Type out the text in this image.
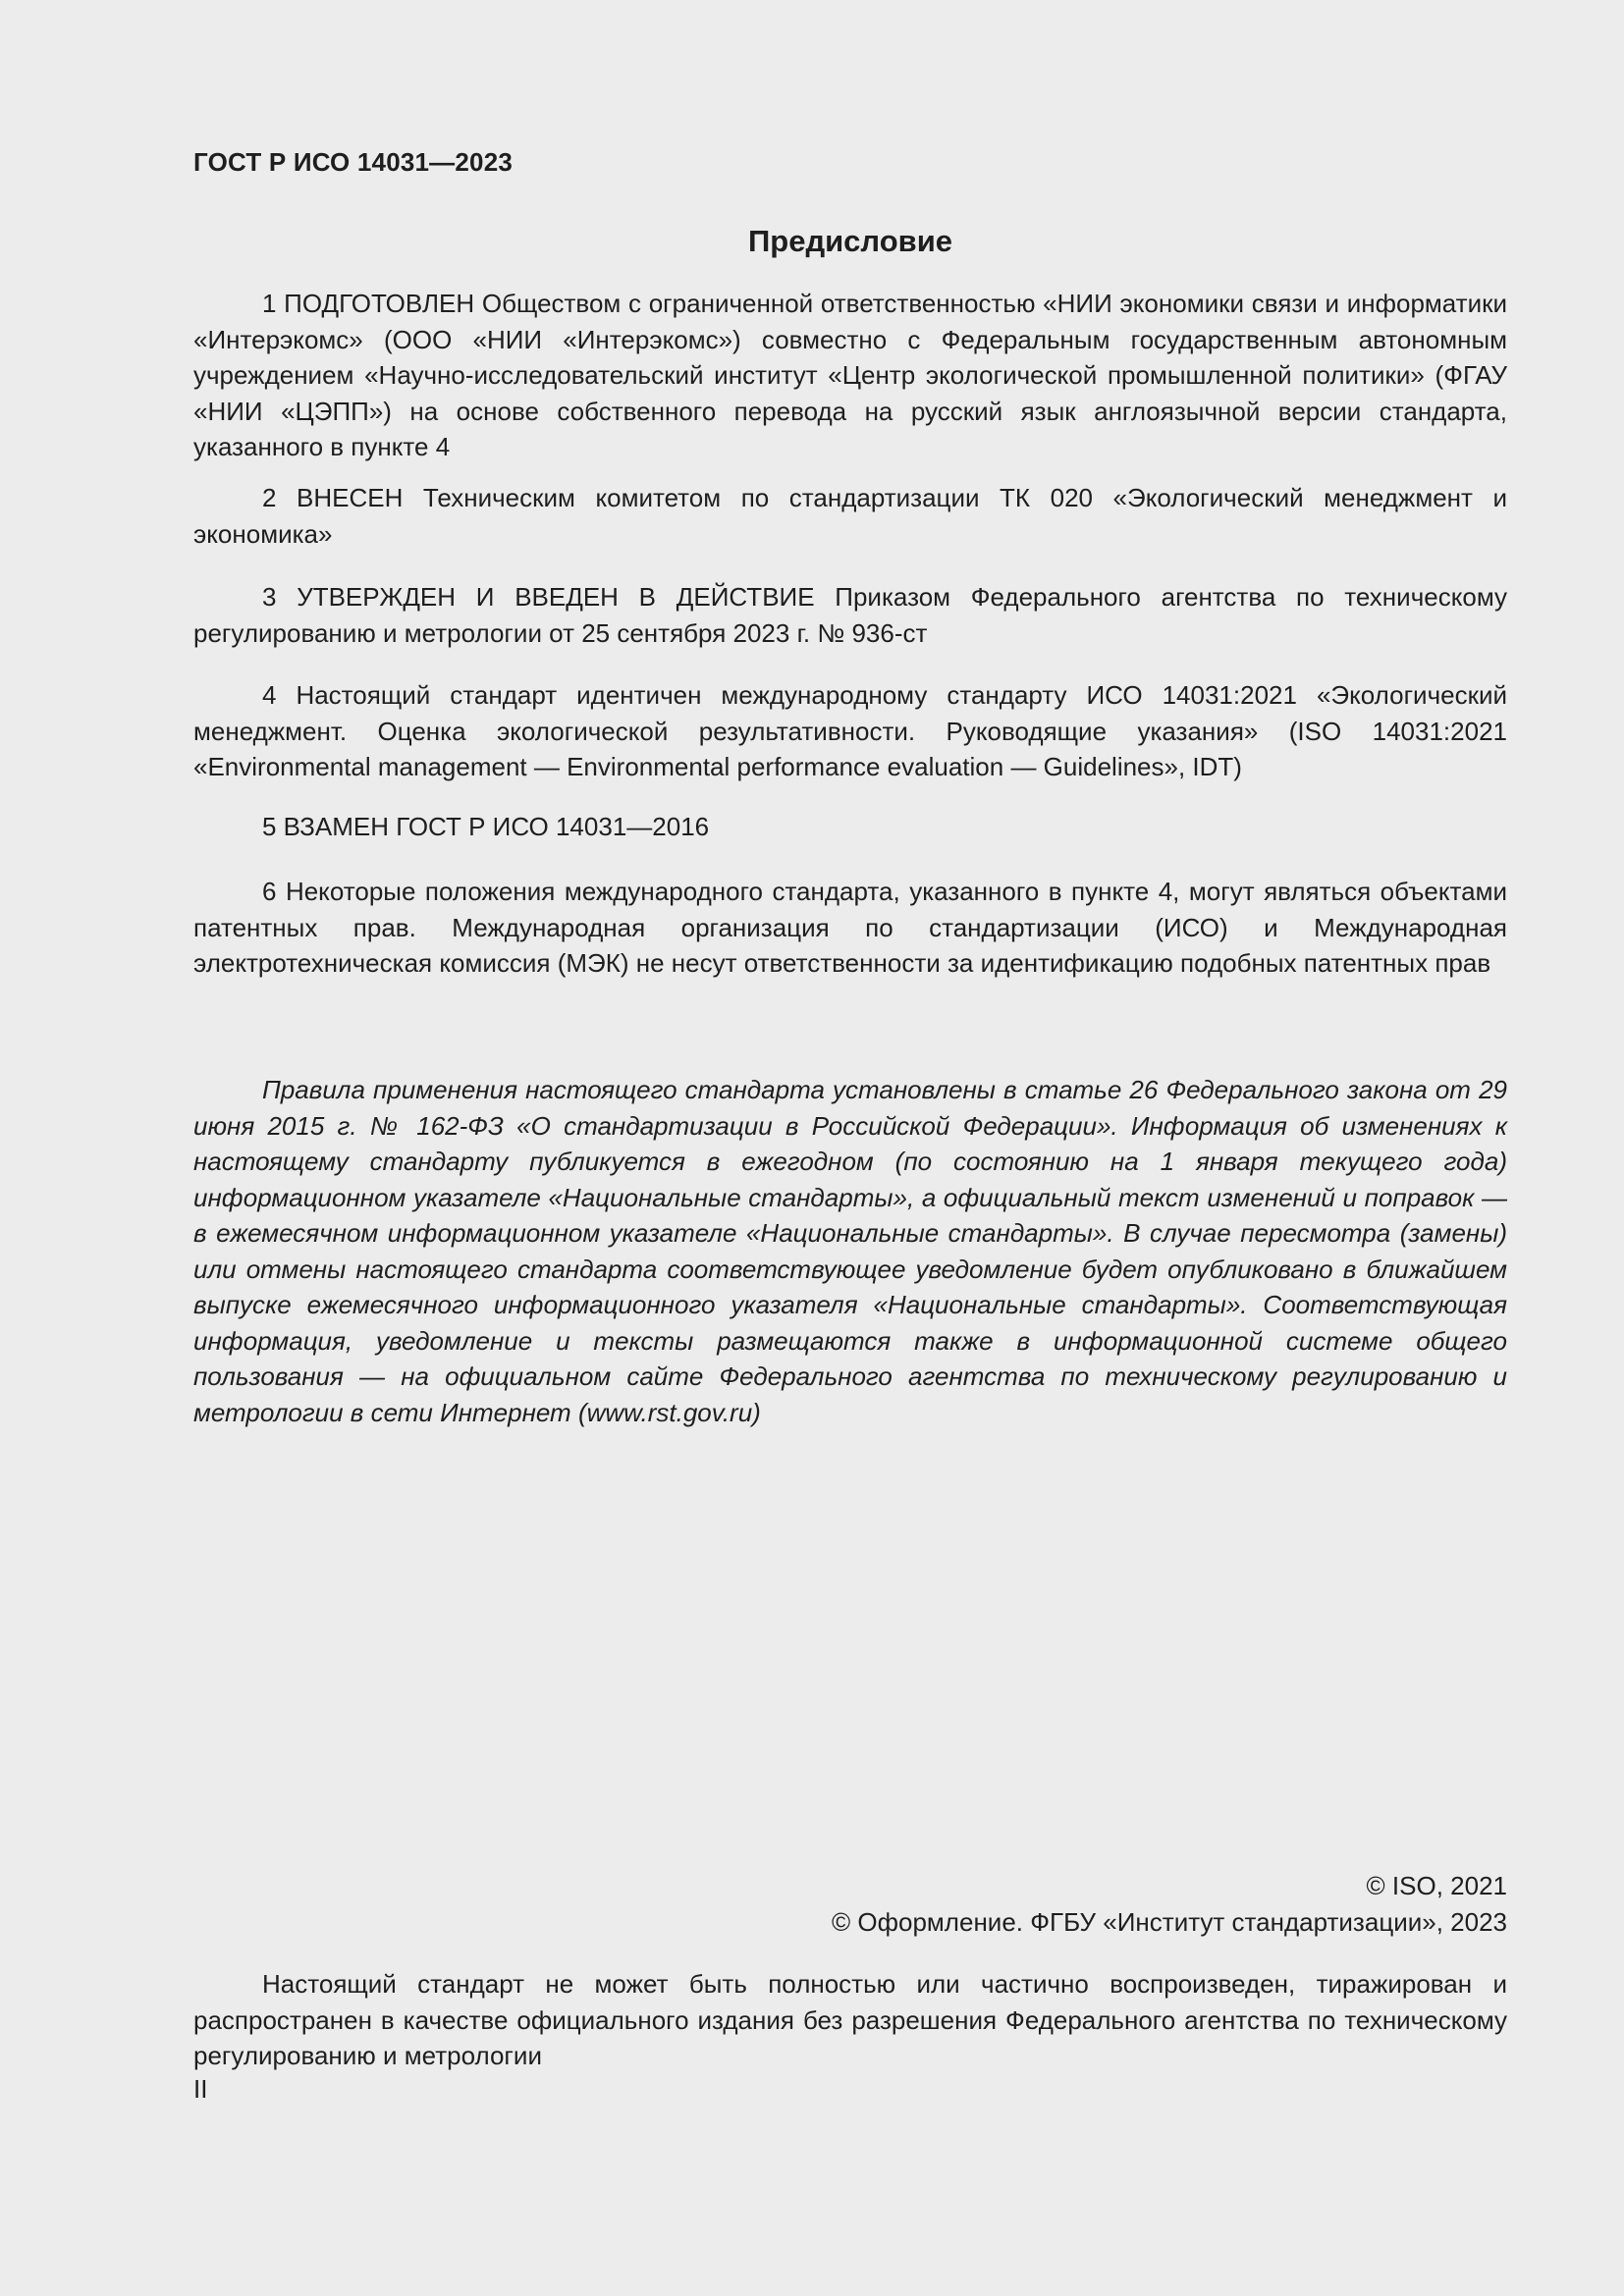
ГОСТ Р ИСО 14031—2023
Предисловие

1 ПОДГОТОВЛЕН Обществом с ограниченной ответственностью «НИИ экономики связи и информатики «Интерэкомс» (ООО «НИИ «Интерэкомс») совместно с Федеральным государственным автономным учреждением «Научно-исследовательский институт «Центр экологической промышленной политики» (ФГАУ «НИИ «ЦЭПП») на основе собственного перевода на русский язык англоязычной версии стандарта, указанного в пункте 4

2 ВНЕСЕН Техническим комитетом по стандартизации ТК 020 «Экологический менеджмент и экономика»

3 УТВЕРЖДЕН И ВВЕДЕН В ДЕЙСТВИЕ Приказом Федерального агентства по техническому регулированию и метрологии от 25 сентября 2023 г. № 936-ст

4 Настоящий стандарт идентичен международному стандарту ИСО 14031:2021 «Экологический менеджмент. Оценка экологической результативности. Руководящие указания» (ISO 14031:2021 «Environmental management — Environmental performance evaluation — Guidelines», IDT)

5 ВЗАМЕН ГОСТ Р ИСО 14031—2016

6 Некоторые положения международного стандарта, указанного в пункте 4, могут являться объектами патентных прав. Международная организация по стандартизации (ИСО) и Международная электротехническая комиссия (МЭК) не несут ответственности за идентификацию подобных патентных прав

Правила применения настоящего стандарта установлены в статье 26 Федерального закона от 29 июня 2015 г. № 162-ФЗ «О стандартизации в Российской Федерации». Информация об изменениях к настоящему стандарту публикуется в ежегодном (по состоянию на 1 января текущего года) информационном указателе «Национальные стандарты», а официальный текст изменений и поправок — в ежемесячном информационном указателе «Национальные стандарты». В случае пересмотра (замены) или отмены настоящего стандарта соответствующее уведомление будет опубликовано в ближайшем выпуске ежемесячного информационного указателя «Национальные стандарты». Соответствующая информация, уведомление и тексты размещаются также в информационной системе общего пользования — на официальном сайте Федерального агентства по техническому регулированию и метрологии в сети Интернет (www.rst.gov.ru)

© ISO, 2021
© Оформление. ФГБУ «Институт стандартизации», 2023

Настоящий стандарт не может быть полностью или частично воспроизведен, тиражирован и распространен в качестве официального издания без разрешения Федерального агентства по техническому регулированию и метрологии

II
